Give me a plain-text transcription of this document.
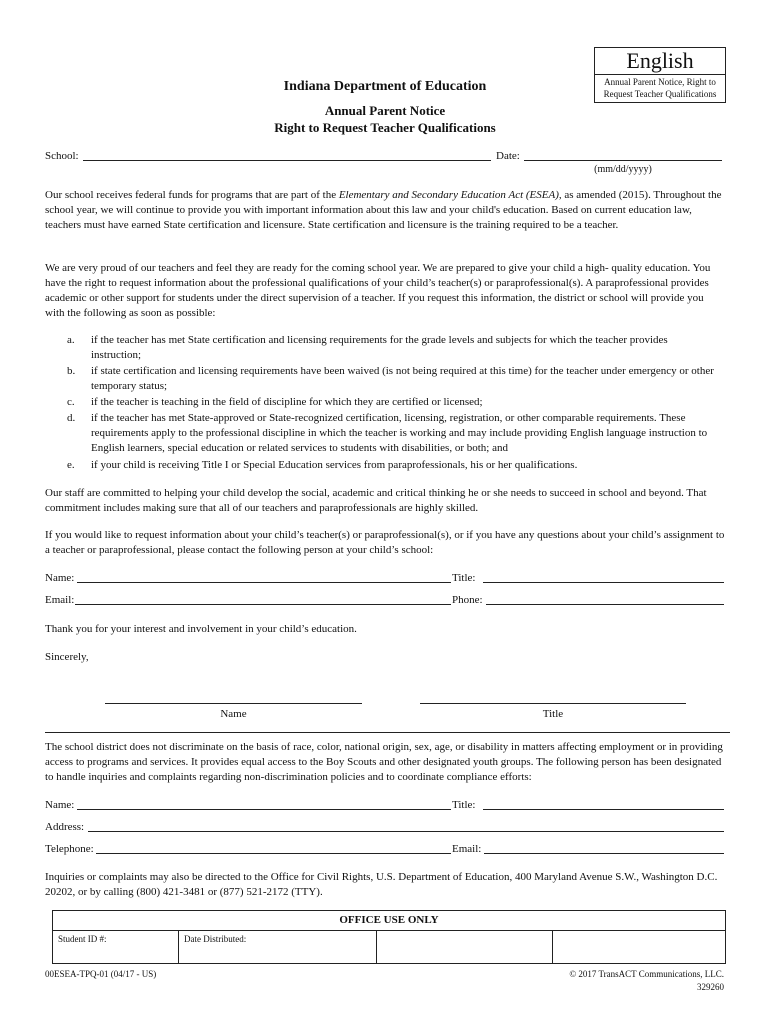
English
Annual Parent Notice, Right to Request Teacher Qualifications
Indiana Department of Education
Annual Parent Notice
Right to Request Teacher Qualifications
School:	Date:
(mm/dd/yyyy)
Our school receives federal funds for programs that are part of the Elementary and Secondary Education Act (ESEA), as amended (2015). Throughout the school year, we will continue to provide you with important information about this law and your child's education. Based on current education law, teachers must have earned State certification and licensure. State certification and licensure is the training required to be a teacher.
We are very proud of our teachers and feel they are ready for the coming school year. We are prepared to give your child a high- quality education. You have the right to request information about the professional qualifications of your child’s teacher(s) or paraprofessional(s). A paraprofessional provides academic or other support for students under the direct supervision of a teacher. If you request this information, the district or school will provide you with the following as soon as possible:
a. if the teacher has met State certification and licensing requirements for the grade levels and subjects for which the teacher provides instruction;
b. if state certification and licensing requirements have been waived (is not being required at this time) for the teacher under emergency or other temporary status;
c. if the teacher is teaching in the field of discipline for which they are certified or licensed;
d. if the teacher has met State-approved or State-recognized certification, licensing, registration, or other comparable requirements. These requirements apply to the professional discipline in which the teacher is working and may include providing English language instruction to English learners, special education or related services to students with disabilities, or both; and
e. if your child is receiving Title I or Special Education services from paraprofessionals, his or her qualifications.
Our staff are committed to helping your child develop the social, academic and critical thinking he or she needs to succeed in school and beyond. That commitment includes making sure that all of our teachers and paraprofessionals are highly skilled.
If you would like to request information about your child’s teacher(s) or paraprofessional(s), or if you have any questions about your child’s assignment to a teacher or paraprofessional, please contact the following person at your child’s school:
Name:	Title:
Email:	Phone:
Thank you for your interest and involvement in your child’s education.
Sincerely,
Name	Title
The school district does not discriminate on the basis of race, color, national origin, sex, age, or disability in matters affecting employment or in providing access to programs and services. It provides equal access to the Boy Scouts and other designated youth groups. The following person has been designated to handle inquiries and complaints regarding non-discrimination policies and to coordinate compliance efforts:
Name:	Title:
Address:
Telephone:	Email:
Inquiries or complaints may also be directed to the Office for Civil Rights, U.S. Department of Education, 400 Maryland Avenue S.W., Washington D.C. 20202, or by calling (800) 421-3481 or (877) 521-2172 (TTY).
OFFICE USE ONLY
Student ID #:	Date Distributed:
00ESEA-TPQ-01 (04/17 - US)	© 2017 TransACT Communications, LLC.
329260
